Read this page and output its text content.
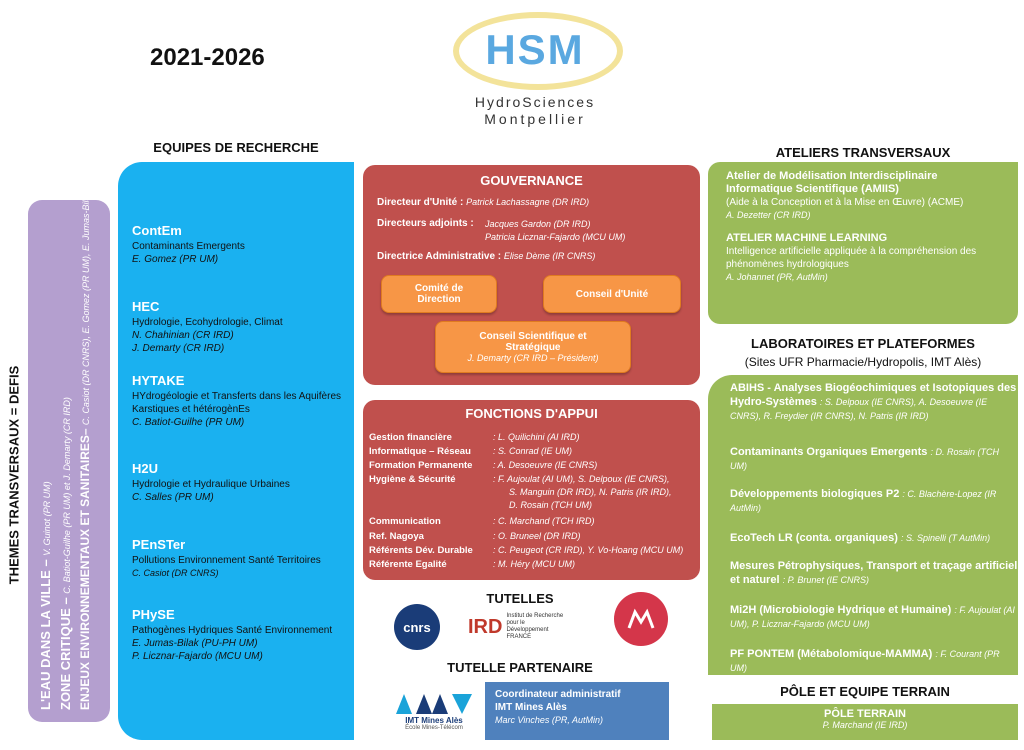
2021-2026	HSM
HydroSciences
Montpellier
EQUIPES DE RECHERCHE	ATELIERS TRANSVERSAUX
LABORATOIRES ET PLATEFORMES
(Sites UFR Pharmacie/Hydropolis, IMT Alès)
THEMES TRANSVERSAUX = DEFIS
L'EAU DANS LA VILLE – V. Guinot (PR UM)
ZONE CRITIQUE – C. Batiot-Guilhe (PR UM) et J. Demarty (CR IRD) ENJEUX ENVIRONNEMENTAUX ET SANITAIRES– C. Casiot (DR CNRS), E. Gomez (PR UM), E. Jumas-Bilak (PU-PH UM)	ContEm
Contaminants Emergents
E. Gomez (PR UM)
HEC
Hydrologie, Ecohydrologie, Climat
N. Chahinian (CR IRD)
J. Demarty (CR IRD)
HYTAKE
HYdrogéologie et Transferts dans les Aquifères Karstiques et hétérogènEs
C. Batiot-Guilhe (PR UM)
H2U
Hydrologie et Hydraulique Urbaines
C. Salles (PR UM)
PEnSTer
Pollutions Environnement Santé Territoires
C. Casiot (DR CNRS)
PHySE
Pathogènes Hydriques Santé Environnement
E. Jumas-Bilak (PU-PH UM)
P. Licznar-Fajardo (MCU UM)
GOUVERNANCE
Directeur d'Unité : Patrick Lachassagne (DR IRD)
Directeurs adjoints : Jacques Gardon (DR IRD)
Patricia Licznar-Fajardo (MCU UM)
Directrice Administrative : Elise Dème (IR CNRS)
Comité de
Direction	Conseil d'Unité
Conseil Scientifique et
Stratégique
J. Demarty (CR IRD – Président)
FONCTIONS D'APPUI
Gestion financière	: L. Quilichini (AI IRD)
Informatique – Réseau : S. Conrad (IE UM)
Formation Permanente : A. Desoeuvre (IE CNRS)
Hygiène & Sécurité	: F. Aujoulat (AI UM), S. Delpoux (IE CNRS),
S. Manguin (DR IRD), N. Patris (IR IRD),
D. Rosain (TCH UM)
Communication	: C. Marchand (TCH IRD)
Ref. Nagoya	: O. Bruneel (DR IRD)
Référents Dév. Durable : C. Peugeot (CR IRD), Y. Vo-Hoang (MCU UM)
Référente Egalité	: M. Héry (MCU UM)
TUTELLES
cnrs	IRD Institut de Recherche pour le Développement
FRANCE
TUTELLE PARTENAIRE
IMT Mines Alès
École Mines-Télécom
Coordinateur administratif
IMT Mines Alès
Marc Vinches (PR, AutMin)
Atelier de Modélisation Interdisciplinaire Informatique Scientifique (AMIIS)
(Aide à la Conception et à la Mise en Œuvre) (ACME)
A. Dezetter (CR IRD)
ATELIER MACHINE LEARNING
Intelligence artificielle appliquée à la compréhension des phénomènes hydrologiques
A. Johannet (PR, AutMin)
ABIHS - Analyses Biogéochimiques et Isotopiques des Hydro-Systèmes : S. Delpoux (IE CNRS), A. Desoeuvre (IE CNRS), R. Freydier (IR CNRS), N. Patris (IR IRD)
Contaminants Organiques Emergents : D. Rosain (TCH UM)
Développements biologiques P2 : C. Blachère-Lopez (IR AutMin)
EcoTech LR (conta. organiques) : S. Spinelli (T AutMin)
Mesures Pétrophysiques, Transport et traçage artificiel et naturel : P. Brunet (IE CNRS)
Mi2H (Microbiologie Hydrique et Humaine) : F. Aujoulat (AI UM), P. Licznar-Fajardo (MCU UM)
PF PONTEM (Métabolomique-MAMMA) : F. Courant (PR UM)
PÔLE ET EQUIPE TERRAIN
PÔLE TERRAIN
P. Marchand (IE IRD)
